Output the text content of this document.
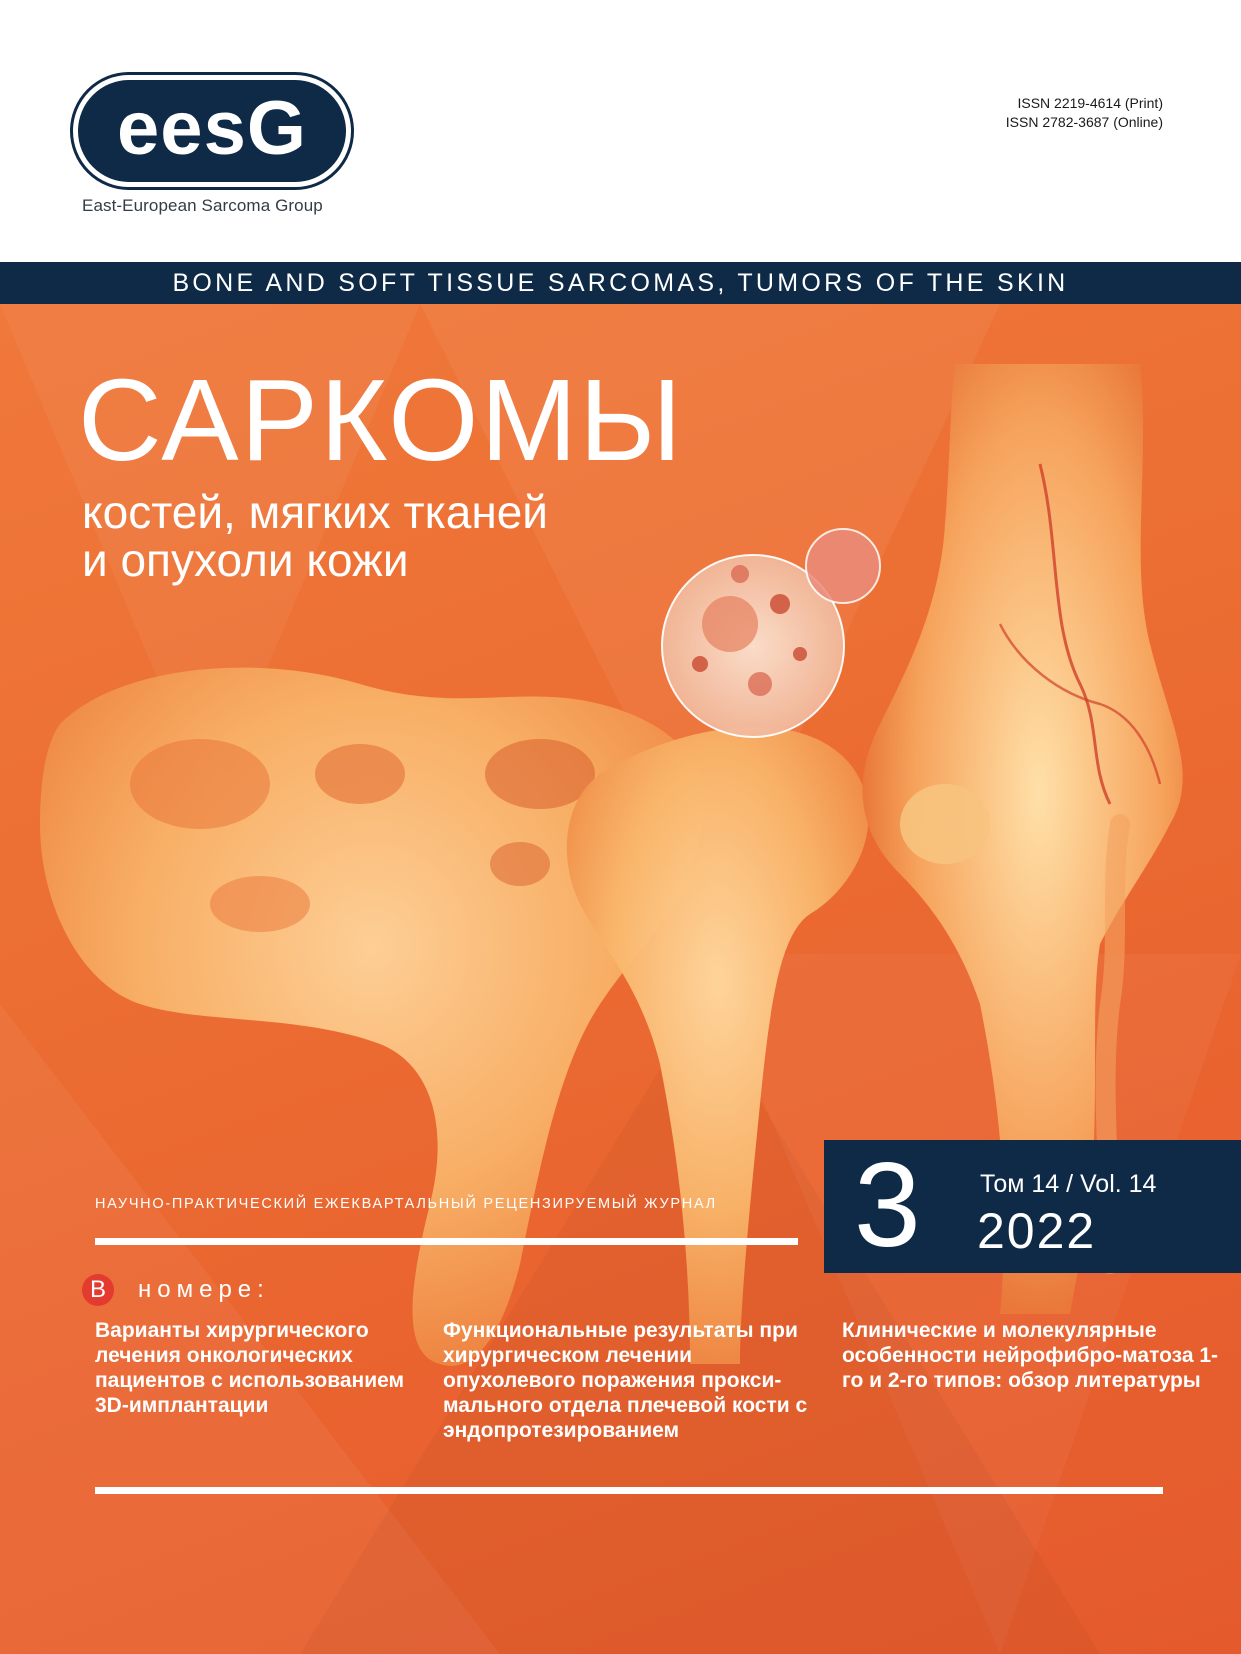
eesG
East-European Sarcoma Group
ISSN 2219-4614 (Print)
ISSN 2782-3687 (Online)
BONE AND SOFT TISSUE SARCOMAS, TUMORS OF THE SKIN
САРКОМЫ
костей, мягких тканей
и опухоли кожи
НАУЧНО-ПРАКТИЧЕСКИЙ ЕЖЕКВАРТАЛЬНЫЙ РЕЦЕНЗИРУЕМЫЙ ЖУРНАЛ 3 Том 14 / Vol. 14
2022
В	номере:
Варианты хирургического лечения онкологических пациентов с использованием 3D-имплантации
Функциональные результаты при хирургическом лечении опухолевого поражения прокси-мального отдела плечевой кости с эндопротезированием
Клинические и молекулярные особенности нейрофибро-матоза 1-го и 2-го типов: обзор литературы
